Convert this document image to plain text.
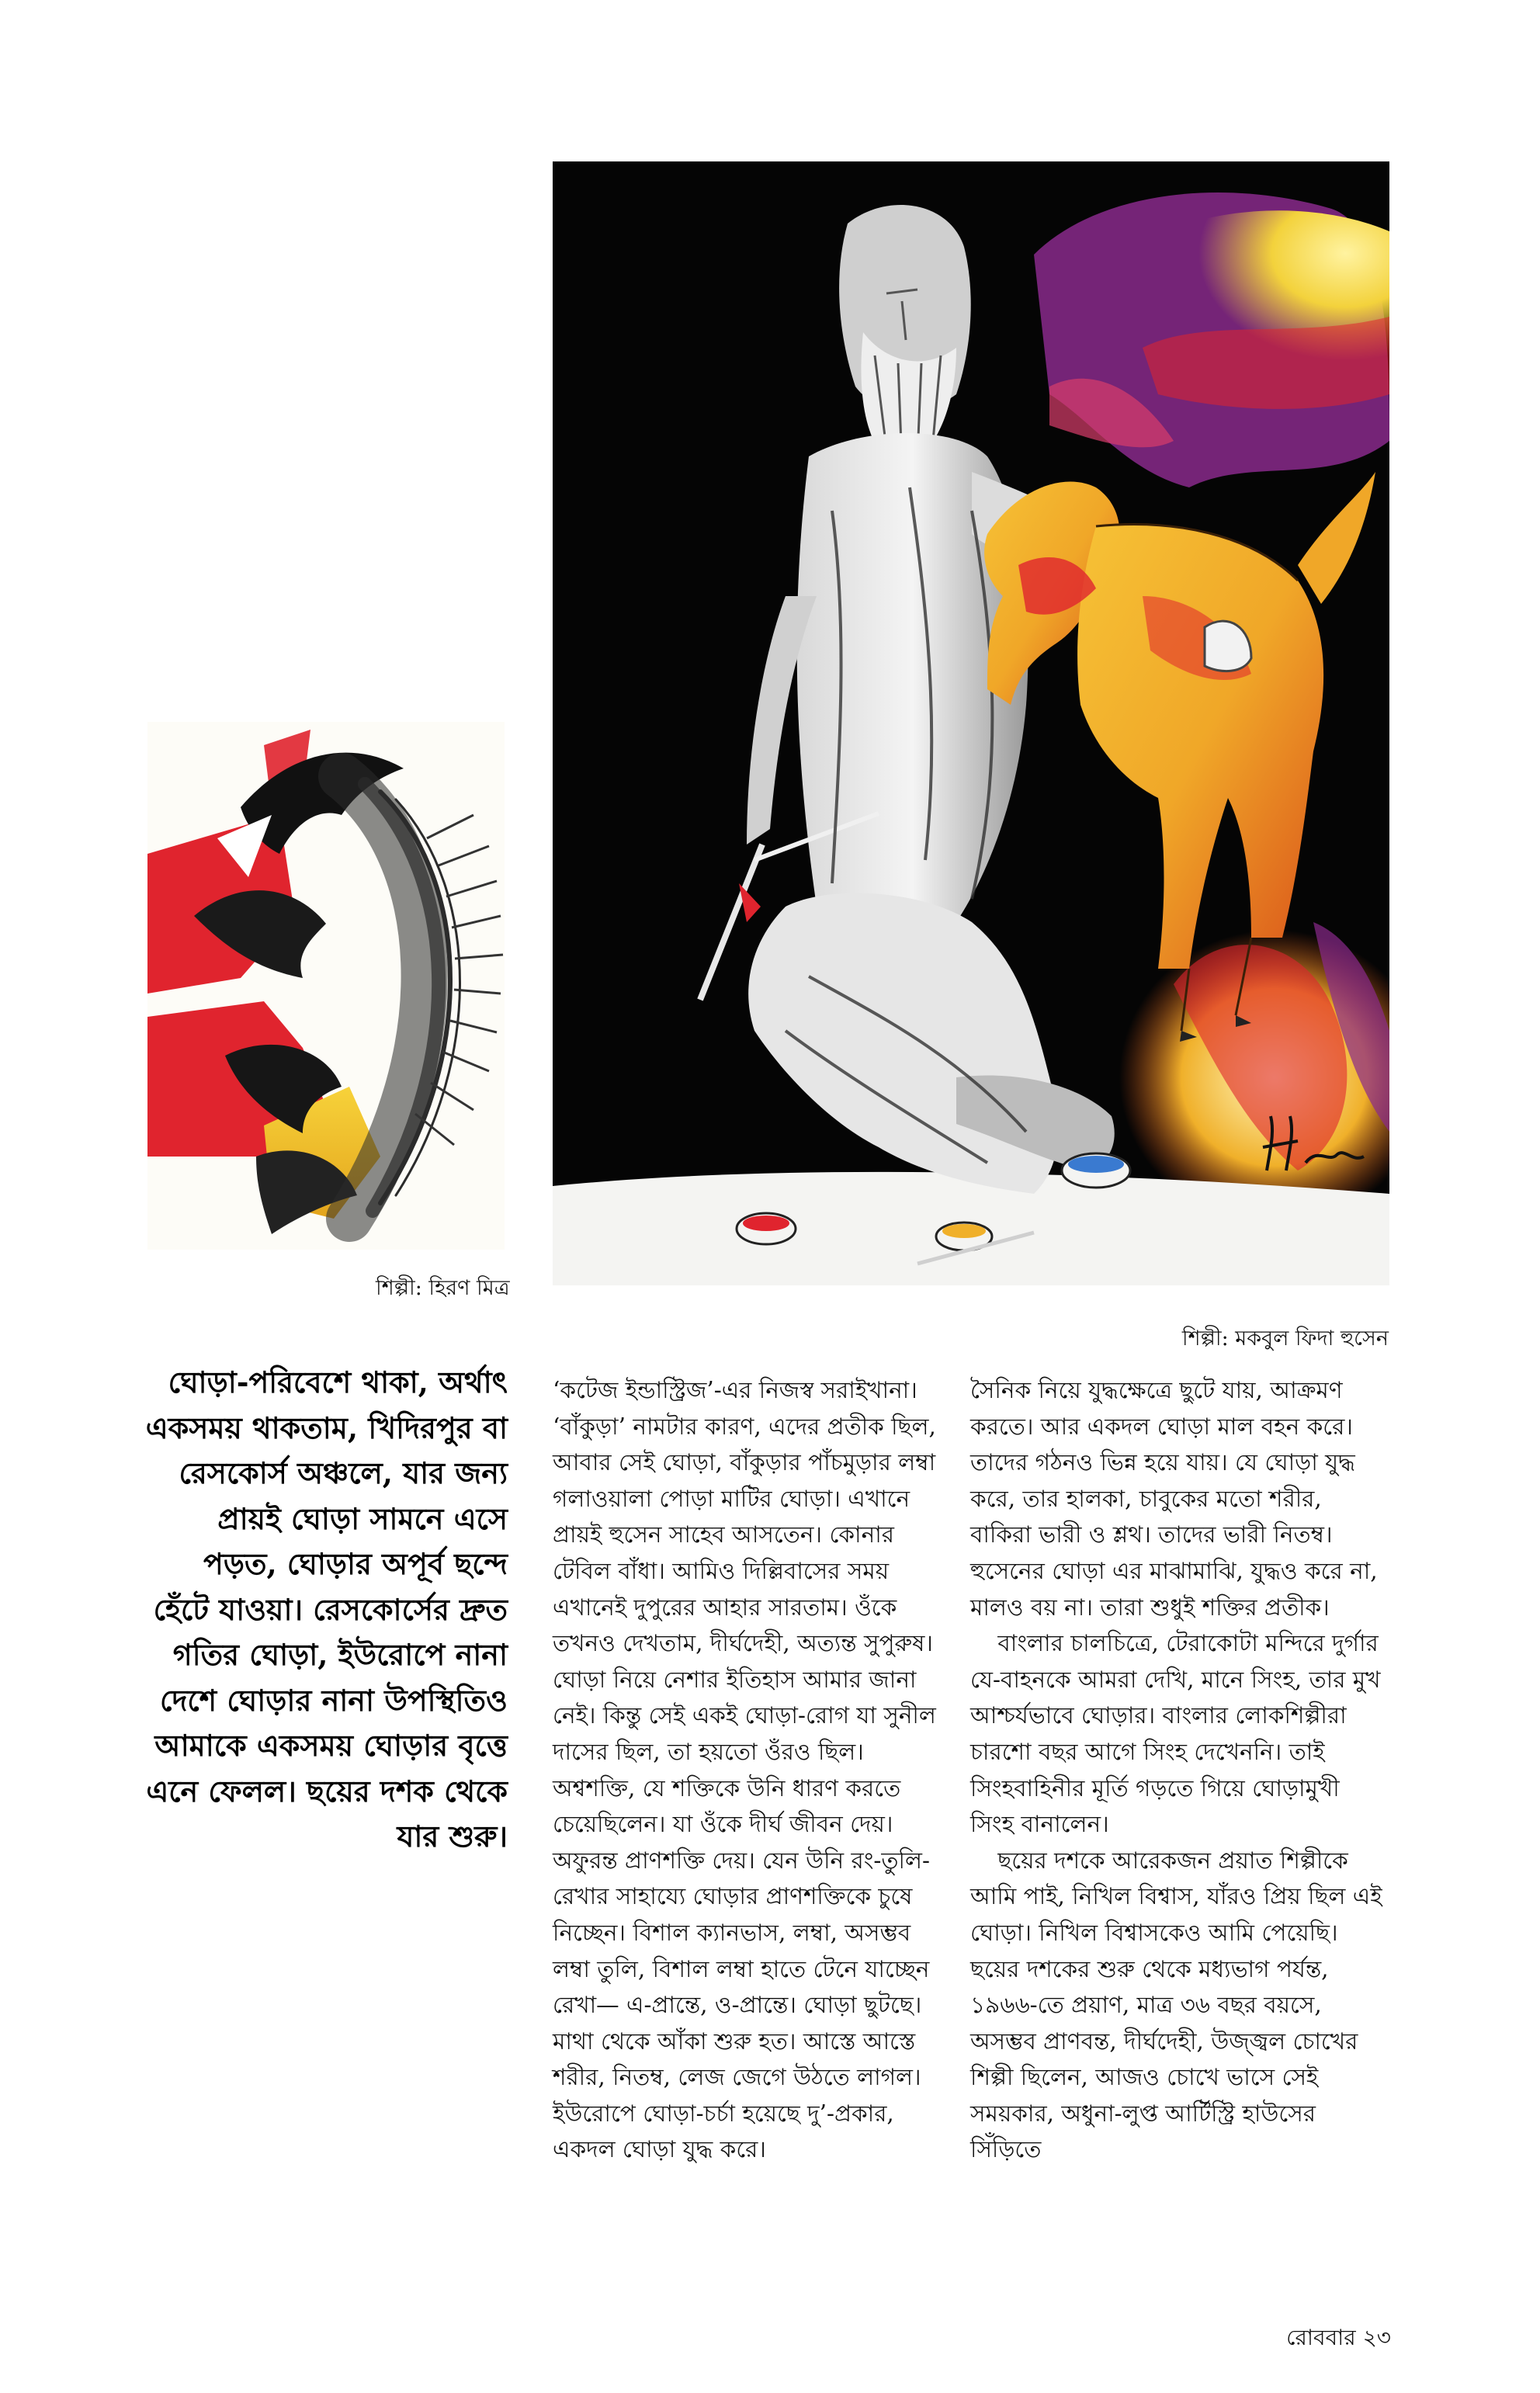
শিল্পী: হিরণ মিত্র
শিল্পী: মকবুল ফিদা হুসেন
ঘোড়া-পরিবেশে থাকা, অর্থাৎ একসময় থাকতাম, খিদিরপুর বা রেসকোর্স অঞ্চলে, যার জন্য প্রায়ই ঘোড়া সামনে এসে পড়ত, ঘোড়ার অপূর্ব ছন্দে হেঁটে যাওয়া। রেসকোর্সের দ্রুত গতির ঘোড়া, ইউরোপে নানা দেশে ঘোড়ার নানা উপস্থিতিও আমাকে একসময় ঘোড়ার বৃত্তে এনে ফেলল। ছয়ের দশক থেকে যার শুরু।

‘কটেজ ইন্ডাস্ট্রিজ’-এর নিজস্ব সরাইখানা। ‘বাঁকুড়া’ নামটার কারণ, এদের প্রতীক ছিল, আবার সেই ঘোড়া, বাঁকুড়ার পাঁচমুড়ার লম্বা গলাওয়ালা পোড়া মাটির ঘোড়া। এখানে প্রায়ই হুসেন সাহেব আসতেন। কোনার টেবিল বাঁধা। আমিও দিল্লিবাসের সময় এখানেই দুপুরের আহার সারতাম। ওঁকে তখনও দেখতাম, দীর্ঘদেহী, অত্যন্ত সুপুরুষ। ঘোড়া নিয়ে নেশার ইতিহাস আমার জানা নেই। কিন্তু সেই একই ঘোড়া-রোগ যা সুনীল দাসের ছিল, তা হয়তো ওঁরও ছিল। অশ্বশক্তি, যে শক্তিকে উনি ধারণ করতে চেয়েছিলেন। যা ওঁকে দীর্ঘ জীবন দেয়। অফুরন্ত প্রাণশক্তি দেয়। যেন উনি রং-তুলি-রেখার সাহায্যে ঘোড়ার প্রাণশক্তিকে চুষে নিচ্ছেন। বিশাল ক্যানভাস, লম্বা, অসম্ভব লম্বা তুলি, বিশাল লম্বা হাতে টেনে যাচ্ছেন রেখা— এ-প্রান্তে, ও-প্রান্তে। ঘোড়া ছুটছে। মাথা থেকে আঁকা শুরু হত। আস্তে আস্তে শরীর, নিতম্ব, লেজ জেগে উঠতে লাগল। ইউরোপে ঘোড়া-চর্চা হয়েছে দু’-প্রকার, একদল ঘোড়া যুদ্ধ করে।

সৈনিক নিয়ে যুদ্ধক্ষেত্রে ছুটে যায়, আক্রমণ করতে। আর একদল ঘোড়া মাল বহন করে। তাদের গঠনও ভিন্ন হয়ে যায়। যে ঘোড়া যুদ্ধ করে, তার হালকা, চাবুকের মতো শরীর, বাকিরা ভারী ও শ্লথ। তাদের ভারী নিতম্ব। হুসেনের ঘোড়া এর মাঝামাঝি, যুদ্ধও করে না, মালও বয় না। তারা শুধুই শক্তির প্রতীক।

বাংলার চালচিত্রে, টেরাকোটা মন্দিরে দুর্গার যে-বাহনকে আমরা দেখি, মানে সিংহ, তার মুখ আশ্চর্যভাবে ঘোড়ার। বাংলার লোকশিল্পীরা চারশো বছর আগে সিংহ দেখেননি। তাই সিংহবাহিনীর মূর্তি গড়তে গিয়ে ঘোড়ামুখী সিংহ বানালেন।

ছয়ের দশকে আরেকজন প্রয়াত শিল্পীকে আমি পাই, নিখিল বিশ্বাস, যাঁরও প্রিয় ছিল এই ঘোড়া। নিখিল বিশ্বাসকেও আমি পেয়েছি। ছয়ের দশকের শুরু থেকে মধ্যভাগ পর্যন্ত, ১৯৬৬-তে প্রয়াণ, মাত্র ৩৬ বছর বয়সে, অসম্ভব প্রাণবন্ত, দীর্ঘদেহী, উজ্জ্বল চোখের শিল্পী ছিলেন, আজও চোখে ভাসে সেই সময়কার, অধুনা-লুপ্ত আর্টিস্ট্রি হাউসের সিঁড়িতে

রোববার ২৩
